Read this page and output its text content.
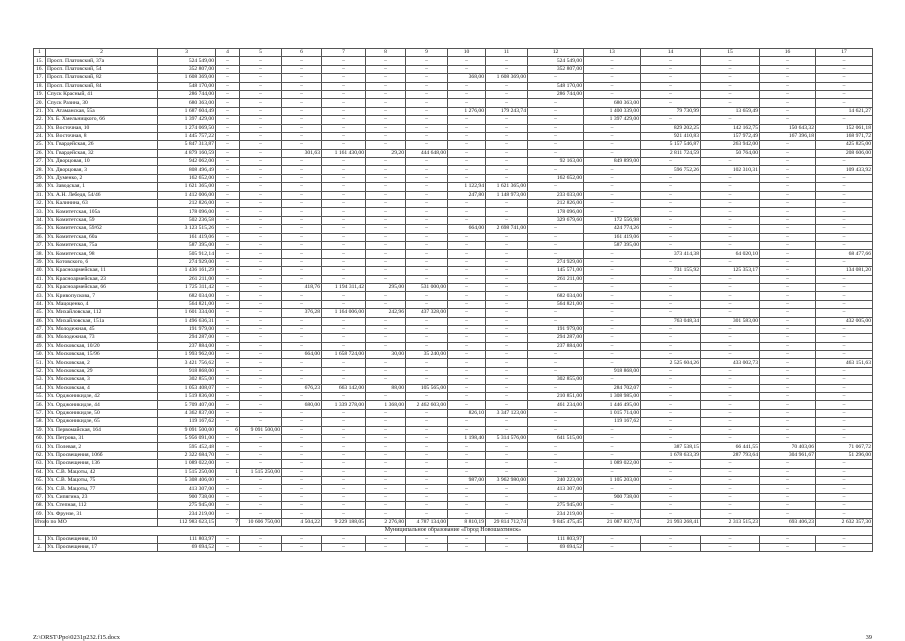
1	2	3	4	5	6	7	8	9	10	11	12	13	14	15	16	17
15.	Просп. Платовский, 37а	524 549,00	–	–	–	–	–	–	–	–	524 549,00	–	–	–	–	–
16.	Просп. Платовский, 54	352 807,00	–	–	–	–	–	–	–	–	352 807,00	–	–	–	–	–
17.	Просп. Платовский, 82	1 608 369,00	–	–	–	–	–	–	368,00	1 608 369,00	–	–	–	–	–	–
18.	Просп. Платовский, 84	548 170,00	–	–	–	–	–	–	–	–	548 170,00	–	–	–	–	–
19.	Спуск Красный, 41	286 744,00	–	–	–	–	–	–	–	–	286 744,00	–	–	–	–	–
20.	Спуск Разина, 30	680 363,00	–	–	–	–	–	–	–	–	–	680 363,00	–	–	–	–
21.	Ул. Атаманская, 55а	1 687 604,49	–	–	–	–	–	–	1 276,00	179 243,74	–	1 400 339,00	79 730,99	13 659,49	–	14 621,27
22.	Ул. Б. Хмельницкого, 66	1 397 429,00	–	–	–	–	–	–	–	–	–	1 397 429,00	–	–	–	–
23.	Ул. Восточная, 10	1 274 069,50	–	–	–	–	–	–	–	–	–	–	829 202,25	142 162,75	150 643,32	152 061,18
24.	Ул. Восточная, 8	1 445 757,22	–	–	–	–	–	–	–	–	–	–	921 410,83	157 972,49	167 396,18	168 971,72
25.	Ул. Гвардейская, 26	5 847 313,87	–	–	–	–	–	–	–	–	–	–	5 157 546,87	263 942,00	–	425 825,00
26.	Ул. Гвардейская, 32	4 879 160,59	–	–	301,63	1 161 430,00	29,20	444 648,00	–	–	–	–	2 811 724,59	50 764,00	–	208 606,00
27.	Ул. Дворцовая, 10	942 062,00	–	–	–	–	–	–	–	–	92 163,00	849 899,00	–	–	–	–
28.	Ул. Дворцовая, 3	808 496,49	–	–	–	–	–	–	–	–	–	–	596 752,26	102 310,31	–	109 433,92
29.	Ул. Думенко, 2	162 652,00	–	–	–	–	–	–	–	–	162 652,00	–	–	–	–	–
30.	Ул. Заводская, 1	1 621 365,00	–	–	–	–	–	–	1 122,94	1 621 365,00	–	–	–	–	–	–
31.	Ул. А.Н. Лебедя, 54/46	1 412 006,00	–	–	–	–	–	–	247,80	1 148 973,00	233 033,00	–	–	–	–	–
32.	Ул. Калинина, 63	212 826,00	–	–	–	–	–	–	–	–	212 826,00	–	–	–	–	–
33.	Ул. Комитетская, 105а	178 096,00	–	–	–	–	–	–	–	–	178 096,00	–	–	–	–	–
34.	Ул. Комитетская, 59	502 236,58	–	–	–	–	–	–	–	–	329 679,60	172 556,98	–	–	–	–
35.	Ул. Комитетская, 59/62	3 123 515,26	–	–	–	–	–	–	664,00	2 698 741,00	–	424 774,26	–	–	–	–
36.	Ул. Комитетская, 60а	161 419,06	–	–	–	–	–	–	–	–	–	161 419,06	–	–	–	–
37.	Ул. Комитетская, 75а	587 395,00	–	–	–	–	–	–	–	–	–	587 395,00	–	–	–	–
38.	Ул. Комитетская, 98	505 912,14	–	–	–	–	–	–	–	–	–	–	373 414,38	64 020,10	–	68 477,66
39.	Ул. Котовского, 6	274 929,00	–	–	–	–	–	–	–	–	274 929,00	–	–	–	–	–
40.	Ул. Красноармейская, 11	1 436 161,29	–	–	–	–	–	–	–	–	145 571,00	–	731 155,92	125 353,17	–	134 081,20
41.	Ул. Красноармейская, 23	261 211,00	–	–	–	–	–	–	–	–	261 211,00	–	–	–	–	–
42.	Ул. Красноармейская, 66	1 725 311,42	–	–	418,76	1 194 311,42	295,00	531 000,00	–	–	–	–	–	–	–	–
43.	Ул. Кривопускова, 7	682 034,00	–	–	–	–	–	–	–	–	682 034,00	–	–	–	–	–
44.	Ул. Мацоценко, 4	564 821,00	–	–	–	–	–	–	–	–	564 821,00	–	–	–	–	–
45.	Ул. Михайловская, 112	1 601 334,00	–	–	376,28	1 164 006,00	242,96	437 328,00	–	–	–	–	–	–	–	–
46.	Ул. Михайловская, 151а	1 496 636,31	–	–	–	–	–	–	–	–	–	–	763 048,34	301 583,00	–	432 005,00
47.	Ул. Молодежная, 45	191 979,00	–	–	–	–	–	–	–	–	191 979,00	–	–	–	–	–
48.	Ул. Молодежная, 73	294 287,00	–	–	–	–	–	–	–	–	294 287,00	–	–	–	–	–
49.	Ул. Московская, 10/20	237 884,00	–	–	–	–	–	–	–	–	237 884,00	–	–	–	–	–
50.	Ул. Московская, 15/96	1 993 962,00	–	–	664,00	1 658 724,00	30,00	35 240,00	–	–	–	–	–	–	–	–
51.	Ул. Московская, 2	3 421 756,62	–	–	–	–	–	–	–	–	–	–	2 525 604,26	433 002,73	–	463 151,63
52.	Ул. Московская, 29	918 868,00	–	–	–	–	–	–	–	–	–	918 868,00	–	–	–	–
53.	Ул. Московская, 3	302 855,00	–	–	–	–	–	–	–	–	302 855,00	–	–	–	–	–
54.	Ул. Московская, 4	1 053 408,07	–	–	676,23	663 142,00	88,00	105 565,00	–	–	–	284 702,07	–	–	–	–
55.	Ул. Орджоникидзе, 42	1 519 836,00	–	–	–	–	–	–	–	–	210 851,00	1 308 985,00	–	–	–	–
56.	Ул. Орджоникидзе, 44	5 709 407,00	–	–	680,00	1 339 278,00	1 368,00	2 462 603,00	–	–	461 234,00	1 446 495,00	–	–	–	–
57.	Ул. Орджоникидзе, 50	4 362 837,00	–	–	–	–	–	–	826,10	3 347 123,00	–	1 015 714,00	–	–	–	–
58.	Ул. Орджоникидзе, 65	119 167,62	–	–	–	–	–	–	–	–	–	119 167,62	–	–	–	–
59.	Ул. Первомайская, 164	9 091 500,00	6	9 091 500,00	–	–	–	–	–	–	–	–	–	–	–	–
60.	Ул. Петрова, 31	5 956 091,00	–	–	–	–	–	–	1 198,40	5 314 576,00	641 515,00	–	–	–	–	–
61.	Ул. Полевая, 2	595 452,48	–	–	–	–	–	–	–	–	–	–	387 538,15	66 441,55	70 403,06	71 067,72
62.	Ул. Просвещения, 106б	2 322 684,70	–	–	–	–	–	–	–	–	–	–	1 678 633,39	287 793,64	304 961,67	51 296,00
63.	Ул. Просвещения, 136	1 089 022,00	–	–	–	–	–	–	–	–	–	1 089 022,00	–	–	–	–
64.	Ул. С.В. Мацоты, 42	1 515 250,00	1	1 515 250,00	–	–	–	–	–	–	–	–	–	–	–	–
65.	Ул. С.В. Мацоты, 75	5 308 406,00	–	–	–	–	–	–	987,00	3 962 980,00	240 223,00	1 105 203,00	–	–	–	–
66.	Ул. С.В. Мацоты, 77	413 307,00	–	–	–	–	–	–	–	–	413 307,00	–	–	–	–	–
67.	Ул. Сипягина, 23	900 738,00	–	–	–	–	–	–	–	–	–	900 738,00	–	–	–	–
68.	Ул. Степная, 112	275 945,00	–	–	–	–	–	–	–	–	275 945,00	–	–	–	–	–
69.	Ул. Фрунзе, 31	234 219,00	–	–	–	–	–	–	–	–	234 219,00	–	–	–	–	–
Итого по МО		112 983 623,15	7	10 606 750,00	4 504,22	9 229 188,05	2 276,80	4 787 134,00	8 810,19	29 814 712,74	9 845 475,45	21 087 837,74	21 993 268,41	2 313 515,23	693 406,23	2 632 357,30
Муниципальное образование «Город Новошахтинск»																
1.	Ул. Просвещения, 10	111 803,97	–	–	–	–	–	–	–	–	111 803,97	–	–	–	–	–
2.	Ул. Просвещения, 17	69 694,52	–	–	–	–	–	–	–	–	69 694,52	–	–	–	–	–
Z:\ORST\Ppo\0231p232.f15.docx	39
